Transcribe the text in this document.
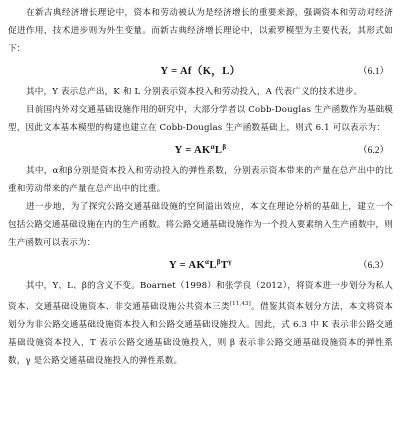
在新古典经济增长理论中，资本和劳动被认为是经济增长的重要来源，强调资本和劳动对经济促进作用，技术进步则为外生变量。而新古典经济增长理论中，以索罗模型为主要代表，其形式如下：

Y = Af（K，L）	（6.1）

其中，Y 表示总产出，K 和 L 分别表示资本投入和劳动投入，A 代表广义的技术进步。

目前国内外对交通基础设施作用的研究中，大部分学者以 Cobb-Douglas 生产函数作为基础模型，因此文本基本模型的构建也建立在 Cobb-Douglas 生产函数基础上，则式 6.1 可以表示为：

$Y = AK^\alpha L^\beta$	（6.2）

其中，α和β分别是资本投入和劳动投入的弹性系数，分别表示资本带来的产量在总产出中的比重和劳动带来的产量在总产出中的比重。

进一步地，为了探究公路交通基础设施的空间溢出效应，本文在理论分析的基础上，建立一个包括公路交通基础设施在内的生产函数。将公路交通基础设施作为一个投入要素纳入生产函数中，则生产函数可以表示为：

$Y = AK^\alpha L^\beta T^\gamma$	（6.3）

其中，Y、L、β的含义不变。Boarnet（1998）和张学良（2012），将资本进一步划分为私人资本、交通基础设施资本、非交通基础设施公共资本三类[11,43]。借鉴其资本划分方法，本文将资本划分为非公路交通基础设施资本投入和公路交通基础设施投入。因此，式 6.3 中 K 表示非公路交通基础设施资本投入，T 表示公路交通基础设施投入，则 β 表示非公路交通基础设施资本的弹性系数，γ 是公路交通基础设施投入的弹性系数。
